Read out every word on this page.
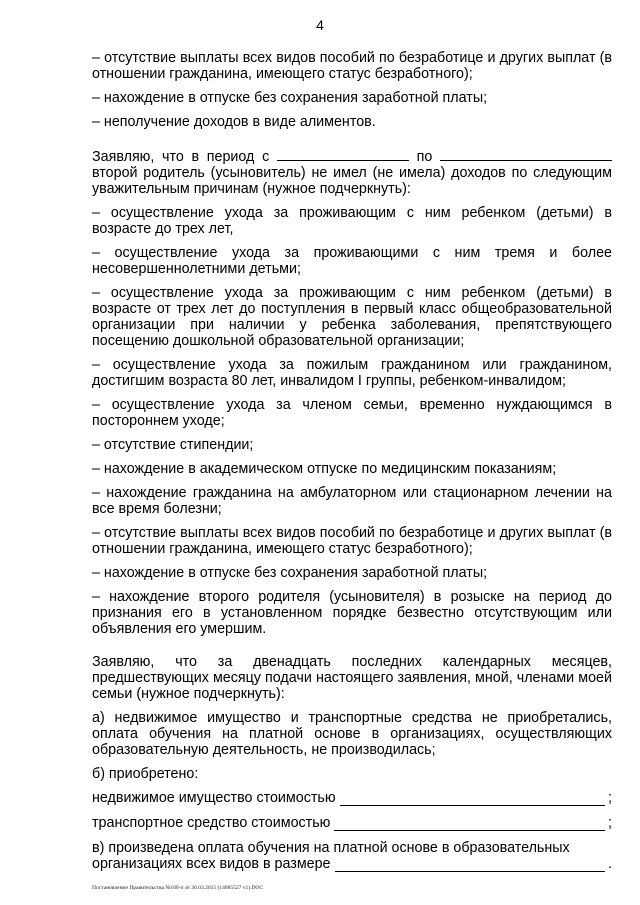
4

– отсутствие выплаты всех видов пособий по безработице и других выплат (в отношении гражданина, имеющего статус безработного);

– нахождение в отпуске без сохранения заработной платы;

– неполучение доходов в виде алиментов.

Заявляю, что в период с	по  второй родитель (усыновитель) не имел (не имела) доходов по следующим уважительным причинам (нужное подчеркнуть):

– осуществление ухода за проживающим с ним ребенком (детьми) в возрасте до трех лет,

– осуществление ухода за проживающими с ним тремя и более несовершеннолетними детьми;

– осуществление ухода за проживающим с ним ребенком (детьми) в возрасте от трех лет до поступления в первый класс общеобразовательной организации при наличии у ребенка заболевания, препятствующего посещению дошкольной образовательной организации;

– осуществление ухода за пожилым гражданином или гражданином, достигшим возраста 80 лет, инвалидом I группы, ребенком-инвалидом;

– осуществление ухода за членом семьи, временно нуждающимся в постороннем уходе;

– отсутствие стипендии;

– нахождение в академическом отпуске по медицинским показаниям;

– нахождение гражданина на амбулаторном или стационарном лечении на все время болезни;

– отсутствие выплаты всех видов пособий по безработице и других выплат (в отношении гражданина, имеющего статус безработного);

– нахождение в отпуске без сохранения заработной платы;

– нахождение второго родителя (усыновителя) в розыске на период до признания его в установленном порядке безвестно отсутствующим или объявления его умершим.

Заявляю, что за двенадцать последних календарных месяцев, предшествующих месяцу подачи настоящего заявления, мной, членами моей семьи (нужное подчеркнуть):

а) недвижимое имущество и транспортные средства не приобретались, оплата обучения на платной основе в организациях, осуществляющих образовательную деятельность, не производилась;

б) приобретено:

недвижимое имущество стоимостью	;
транспортное средство стоимостью	;

в) произведена оплата обучения на платной основе в образовательных

организациях всех видов в размере	.
Постановление Правительства №108-п от 30.03.2015 (14885527 v1).DOC
